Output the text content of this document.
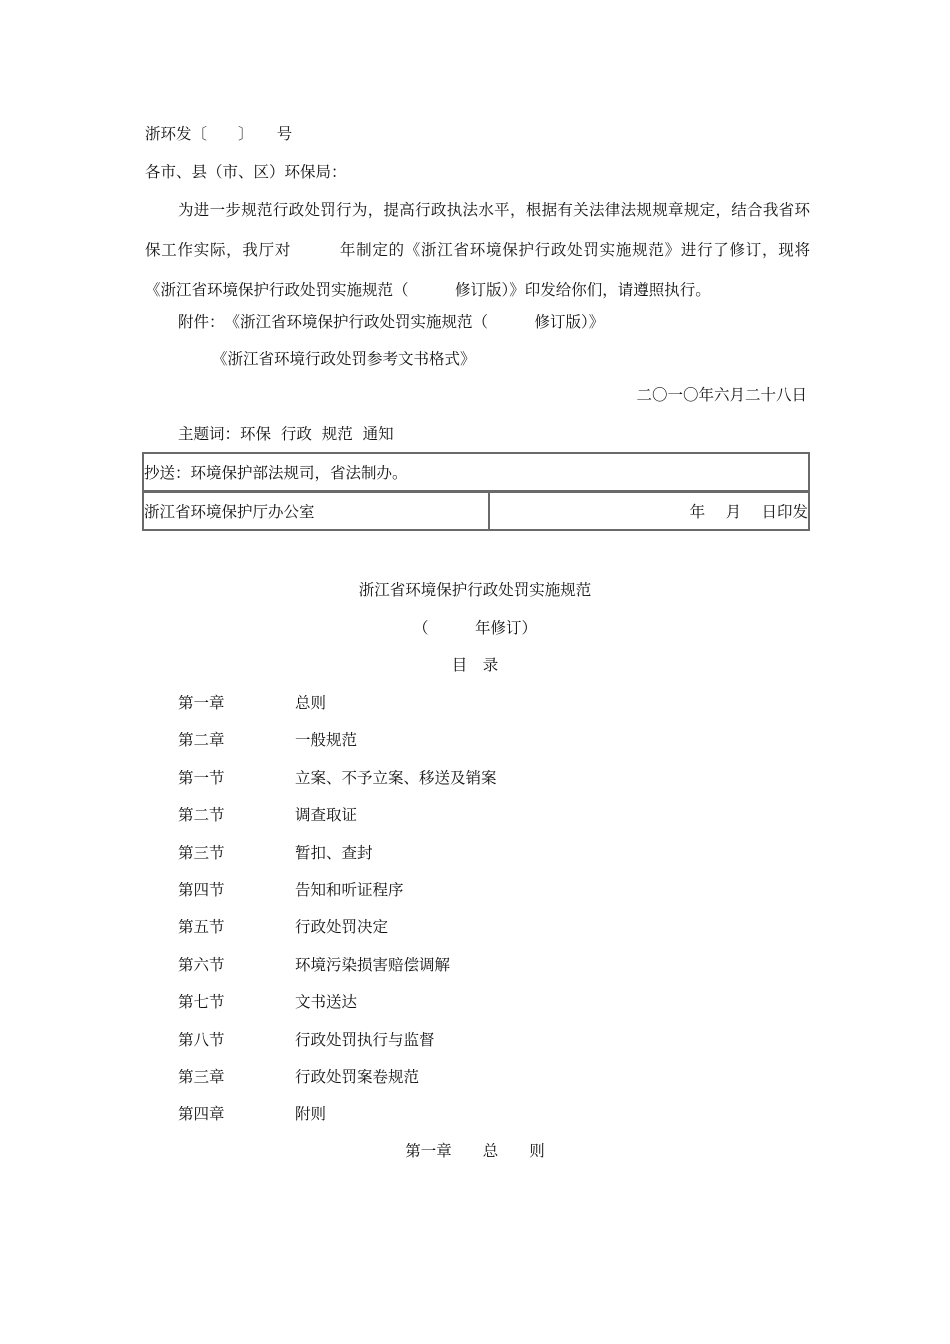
浙环发〔　　〕　　号
各市、县（市、区）环保局：
为进一步规范行政处罚行为，提高行政执法水平，根据有关法律法规规章规定，结合我省环保工作实际，我厅对　　　年制定的《浙江省环境保护行政处罚实施规范》进行了修订，现将《浙江省环境保护行政处罚实施规范（　　　修订版）》印发给你们，请遵照执行。
附件：　《浙江省环境保护行政处罚实施规范（　　　修订版）》
《浙江省环境行政处罚参考文书格式》
二〇一〇年六月二十八日
主题词：环保  行政  规范  通知
抄送：环境保护部法规司，省法制办。
浙江省环境保护厅办公室	年　 月　 日印发
浙江省环境保护行政处罚实施规范
（　　　年修订）
目　录
第一章	总则
第二章	一般规范
第一节	立案、不予立案、移送及销案
第二节	调查取证
第三节	暂扣、查封
第四节	告知和听证程序
第五节	行政处罚决定
第六节	环境污染损害赔偿调解
第七节	文书送达
第八节	行政处罚执行与监督
第三章	行政处罚案卷规范
第四章	附则
第一章　　总　　则
